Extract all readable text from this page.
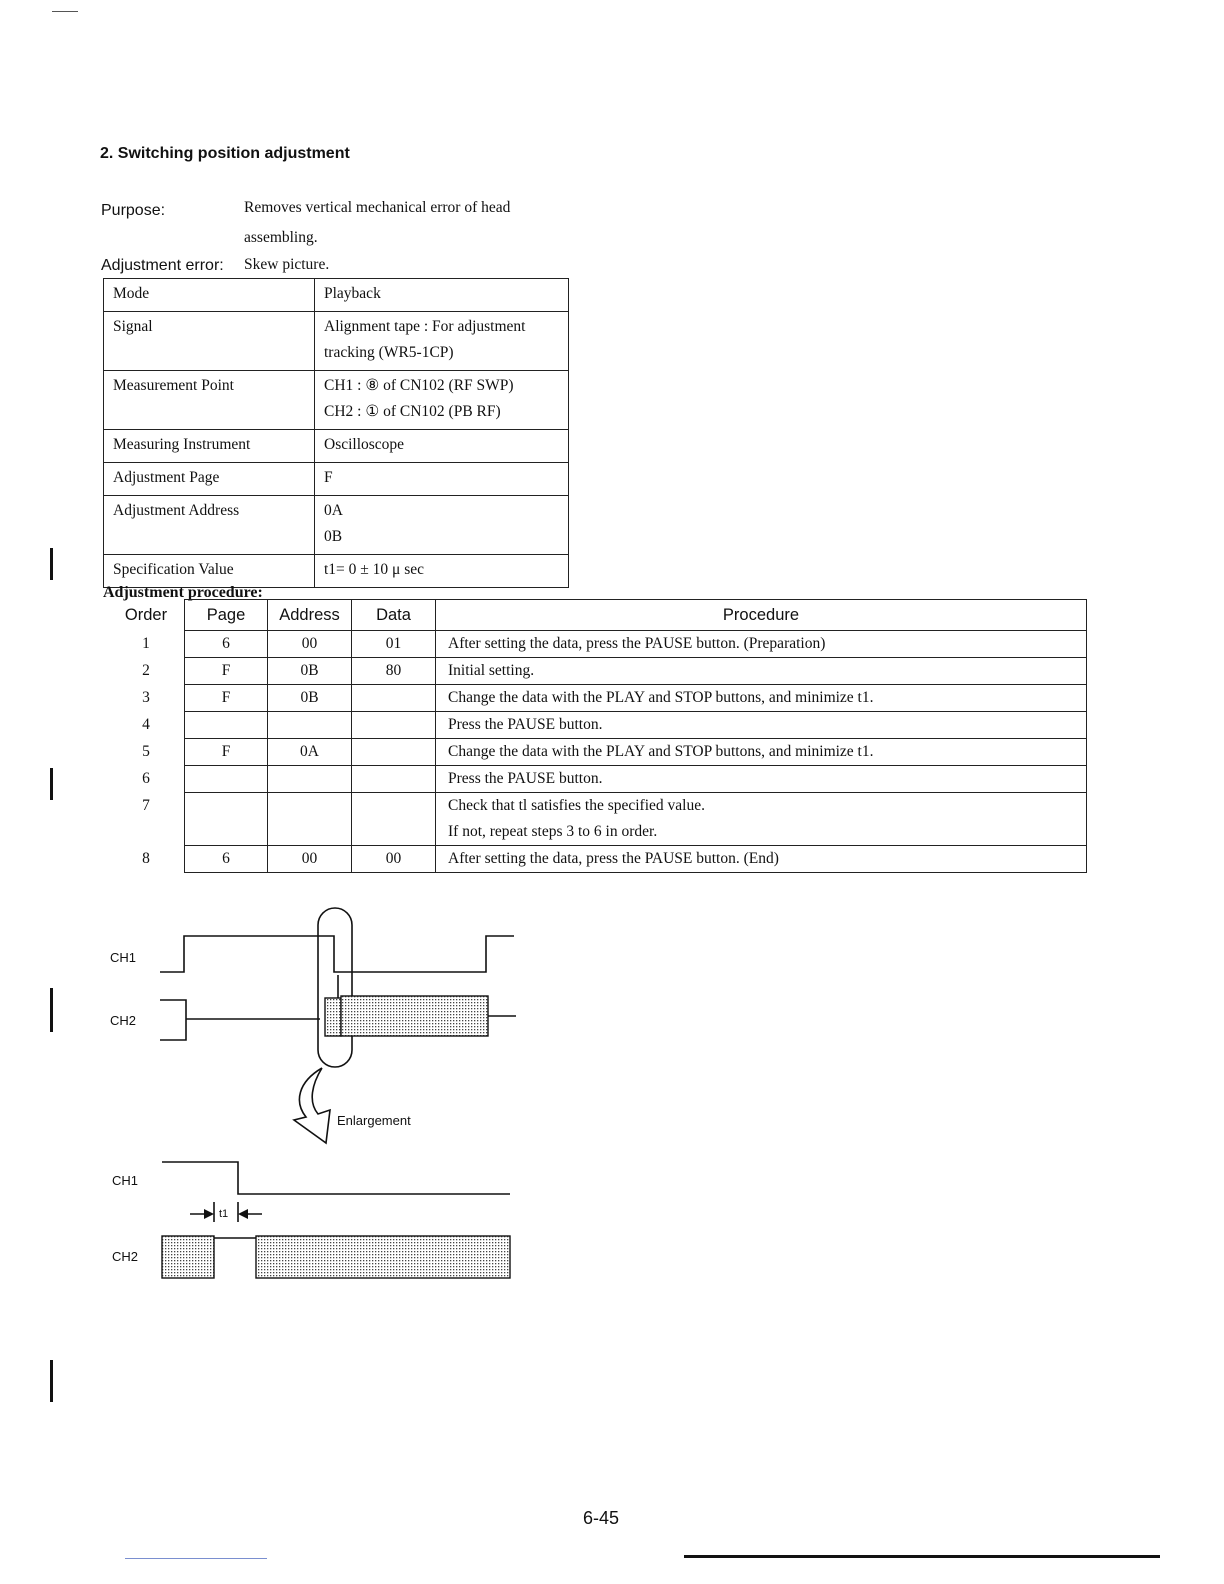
2. Switching position adjustment
Purpose:	Removes vertical mechanical error of head
assembling.
Adjustment error: Skew picture.
Mode	Playback

Signal	Alignment tape : For adjustment
tracking (WR5-1CP)

Measurement Point	CH1 : ⑧ of CN102 (RF SWP)
CH2 : ① of CN102 (PB RF)

Measuring Instrument	Oscilloscope

Adjustment Page	F

Adjustment Address	0A
0B

Specification Value	t1= 0 ± 10 μ sec
Adjustment procedure:
Order	Page	Address	Data	Procedure
1	6	00	01	After setting the data, press the PAUSE button. (Preparation)

2	F	0B	80	Initial setting.

3	F	0B		Change the data with the PLAY and STOP buttons, and minimize t1.

4				Press the PAUSE button.

5	F	0A		Change the data with the PLAY and STOP buttons, and minimize t1.

6				Press the PAUSE button.

7				Check that tl satisfies the specified value.
If not, repeat steps 3 to 6 in order.

8	6	00	00	After setting the data, press the PAUSE button. (End)
CH1
CH2
Enlargement
CH1
CH2
t1
6-45
